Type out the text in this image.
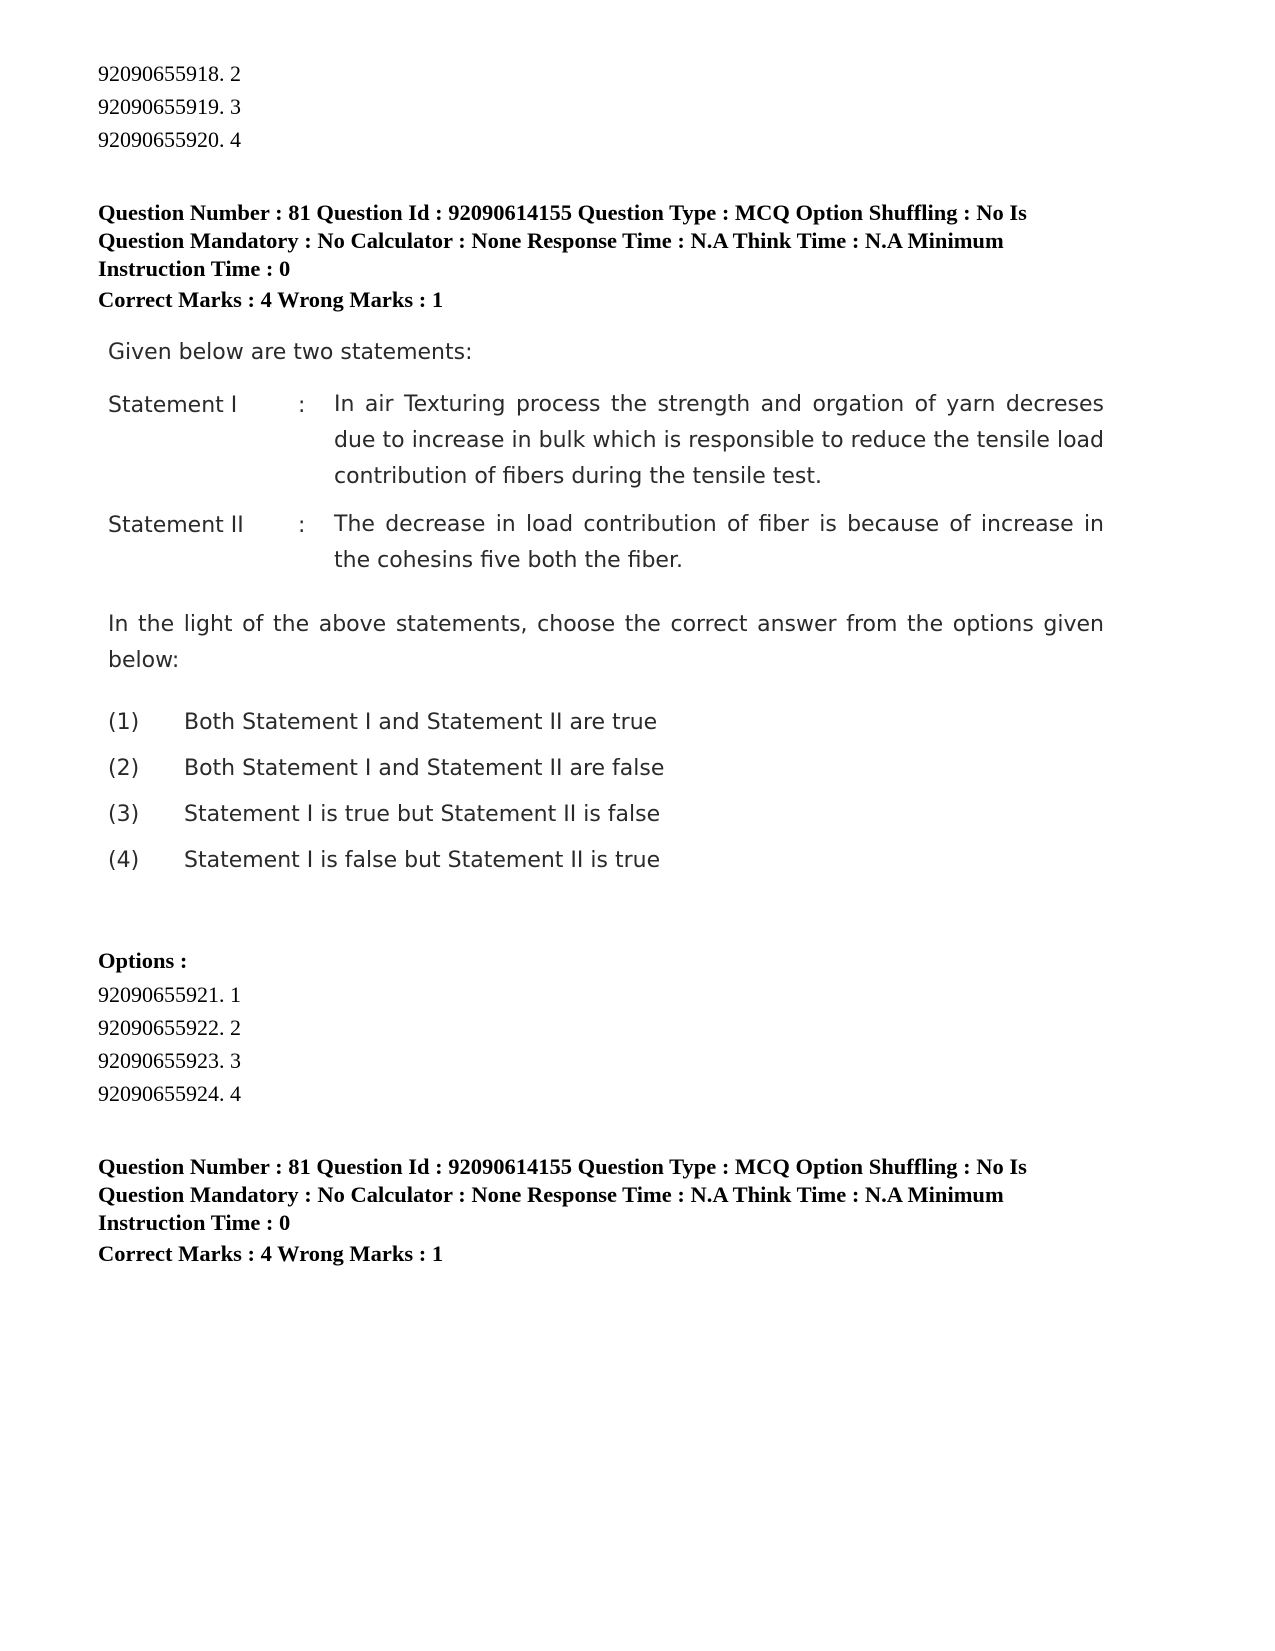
92090655918. 2
92090655919. 3
92090655920. 4

Question Number : 81 Question Id : 92090614155 Question Type : MCQ Option Shuffling : No Is

Question Mandatory : No Calculator : None Response Time : N.A Think Time : N.A Minimum

Instruction Time : 0

Correct Marks : 4 Wrong Marks : 1
Given below are two statements:
Statement I	: In air Texturing process the strength and orgation of yarn decreses due to increase in bulk which is responsible to reduce the tensile load contribution of fibers during the tensile test.
Statement II : The decrease in load contribution of fiber is because of increase in the cohesins five both the fiber.
In the light of the above statements, choose the correct answer from the options given below:
(1) Both Statement I and Statement II are true
(2) Both Statement I and Statement II are false
(3) Statement I is true but Statement II is false
(4) Statement I is false but Statement II is true
Options :
92090655921. 1
92090655922. 2
92090655923. 3
92090655924. 4

Question Number : 81 Question Id : 92090614155 Question Type : MCQ Option Shuffling : No Is

Question Mandatory : No Calculator : None Response Time : N.A Think Time : N.A Minimum

Instruction Time : 0

Correct Marks : 4 Wrong Marks : 1
